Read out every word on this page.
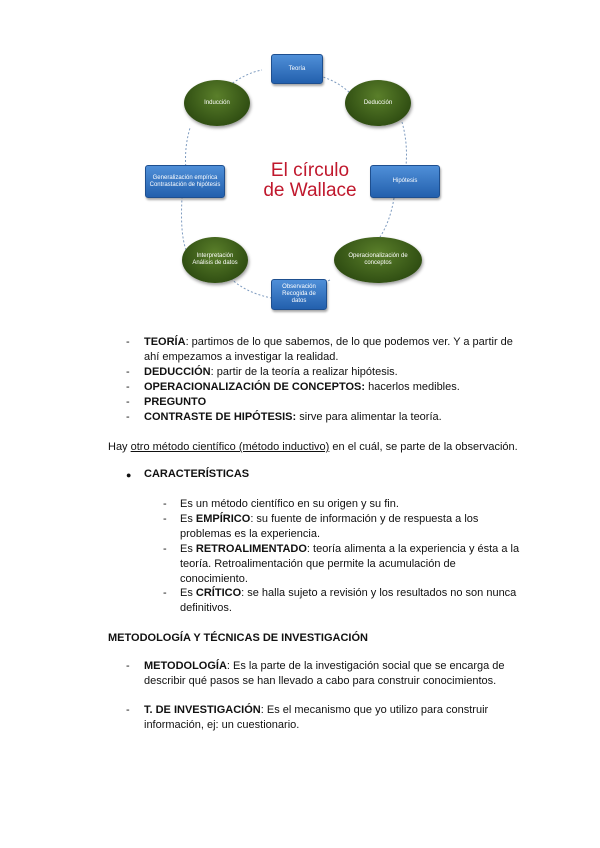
Teoría
Deducción
Hipótesis
Operacionalización de conceptos
Observación
Recogida de datos
Interpretación
Análisis de datos
Generalización empírica
Contrastación de hipótesis
Inducción
El círculo
de Wallace
- TEORÍA: partimos de lo que sabemos, de lo que podemos ver. Y a partir de
ahí empezamos a investigar la realidad.
- DEDUCCIÓN: partir de la teoría a realizar hipótesis.
- OPERACIONALIZACIÓN DE CONCEPTOS: hacerlos medibles.
- PREGUNTO
- CONTRASTE DE HIPÓTESIS: sirve para alimentar la teoría.
Hay otro método científico (método inductivo) en el cuál, se parte de la observación.
● CARACTERÍSTICAS
- Es un método científico en su origen y su fin.
- Es EMPÍRICO: su fuente de información y de respuesta a los
problemas es la experiencia.
- Es RETROALIMENTADO: teoría alimenta a la experiencia y ésta a la
teoría. Retroalimentación que permite la acumulación de
conocimiento.
- Es CRÍTICO: se halla sujeto a revisión y los resultados no son nunca
definitivos.
METODOLOGÍA Y TÉCNICAS DE INVESTIGACIÓN
- METODOLOGÍA: Es la parte de la investigación social que se encarga de
describir qué pasos se han llevado a cabo para construir conocimientos.
- T. DE INVESTIGACIÓN: Es el mecanismo que yo utilizo para construir
información, ej: un cuestionario.
